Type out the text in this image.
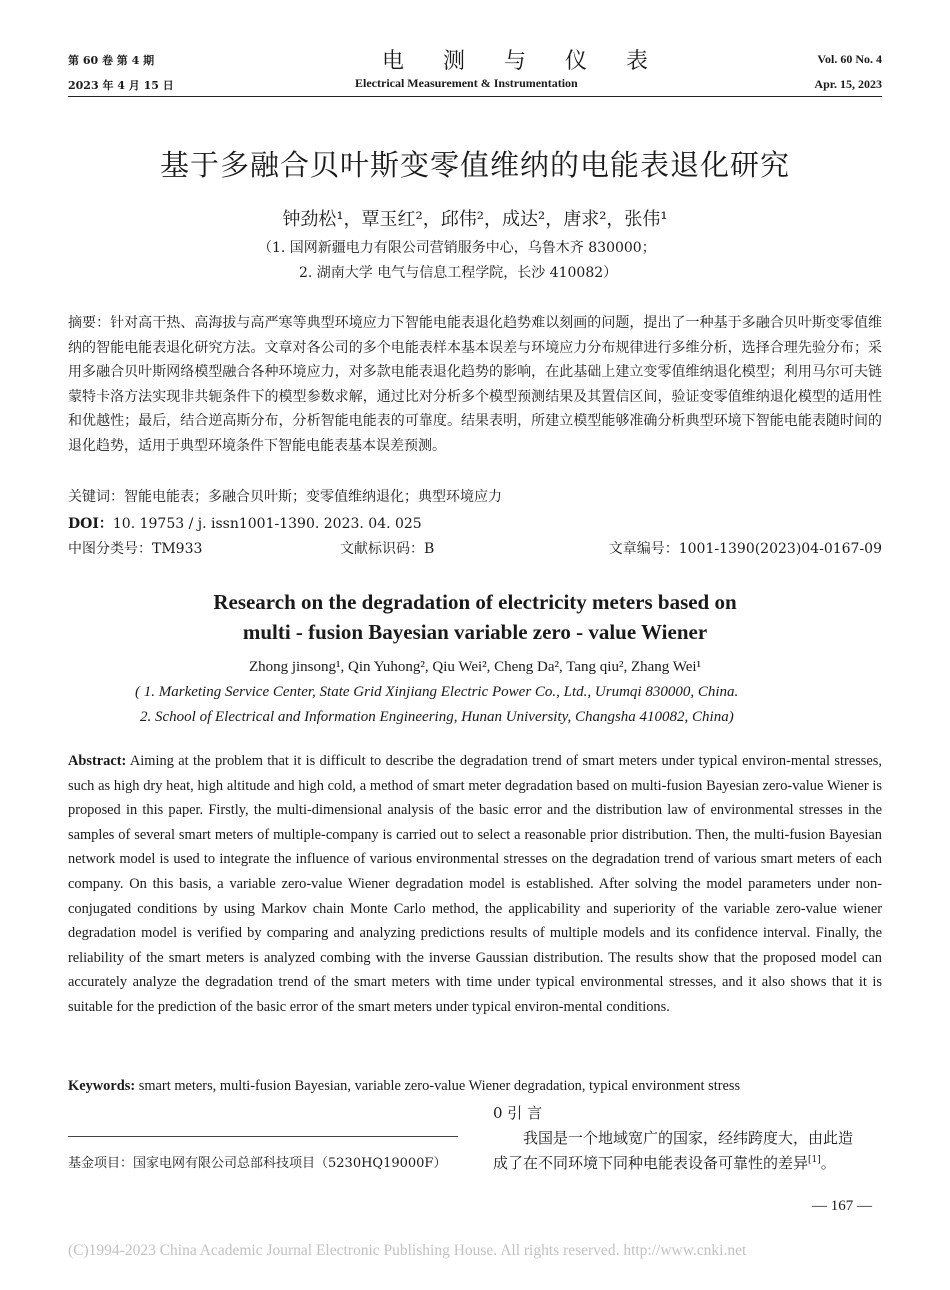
第 60 卷 第 4 期
2023 年 4 月 15 日
电 测 与 仪 表
Electrical Measurement & Instrumentation
Vol. 60 No. 4
Apr. 15, 2023
基于多融合贝叶斯变零值维纳的电能表退化研究
钟劲松¹，覃玉红²，邱伟²，成达²，唐求²，张伟¹
（1. 国网新疆电力有限公司营销服务中心，乌鲁木齐 830000；
2. 湖南大学 电气与信息工程学院，长沙 410082）
摘要：针对高干热、高海拔与高严寒等典型环境应力下智能电能表退化趋势难以刻画的问题，提出了一种基于多融合贝叶斯变零值维纳的智能电能表退化研究方法。文章对各公司的多个电能表样本基本误差与环境应力分布规律进行多维分析，选择合理先验分布；采用多融合贝叶斯网络模型融合各种环境应力，对多款电能表退化趋势的影响，在此基础上建立变零值维纳退化模型；利用马尔可夫链蒙特卡洛方法实现非共轭条件下的模型参数求解，通过比对分析多个模型预测结果及其置信区间，验证变零值维纳退化模型的适用性和优越性；最后，结合逆高斯分布，分析智能电能表的可靠度。结果表明，所建立模型能够准确分析典型环境下智能电能表随时间的退化趋势，适用于典型环境条件下智能电能表基本误差预测。
关键词：智能电能表；多融合贝叶斯；变零值维纳退化；典型环境应力
DOI：10. 19753 / j. issn1001-1390. 2023. 04. 025
中图分类号：TM933	文献标识码：B	文章编号：1001-1390(2023)04-0167-09
Research on the degradation of electricity meters based on
multi - fusion Bayesian variable zero - value Wiener
Zhong jinsong¹, Qin Yuhong², Qiu Wei², Cheng Da², Tang qiu², Zhang Wei¹
( 1. Marketing Service Center, State Grid Xinjiang Electric Power Co., Ltd., Urumqi 830000, China.
2. School of Electrical and Information Engineering, Hunan University, Changsha 410082, China)
Abstract: Aiming at the problem that it is difficult to describe the degradation trend of smart meters under typical environ-mental stresses, such as high dry heat, high altitude and high cold, a method of smart meter degradation based on multi-fusion Bayesian zero-value Wiener is proposed in this paper. Firstly, the multi-dimensional analysis of the basic error and the distribution law of environmental stresses in the samples of several smart meters of multiple-company is carried out to select a reasonable prior distribution. Then, the multi-fusion Bayesian network model is used to integrate the influence of various environmental stresses on the degradation trend of various smart meters of each company. On this basis, a variable zero-value Wiener degradation model is established. After solving the model parameters under non-conjugated conditions by using Markov chain Monte Carlo method, the applicability and superiority of the variable zero-value wiener degradation model is verified by comparing and analyzing predictions results of multiple models and its confidence interval. Finally, the reliability of the smart meters is analyzed combing with the inverse Gaussian distribution. The results show that the proposed model can accurately analyze the degradation trend of the smart meters with time under typical environmental stresses, and it also shows that it is suitable for the prediction of the basic error of the smart meters under typical environ-mental conditions.
Keywords: smart meters, multi-fusion Bayesian, variable zero-value Wiener degradation, typical environment stress
0 引 言
我国是一个地域宽广的国家，经纬跨度大，由此造
成了在不同环境下同种电能表设备可靠性的差异[1]。
基金项目：国家电网有限公司总部科技项目（5230HQ19000F）
— 167 —
(C)1994-2023 China Academic Journal Electronic Publishing House. All rights reserved. http://www.cnki.net
